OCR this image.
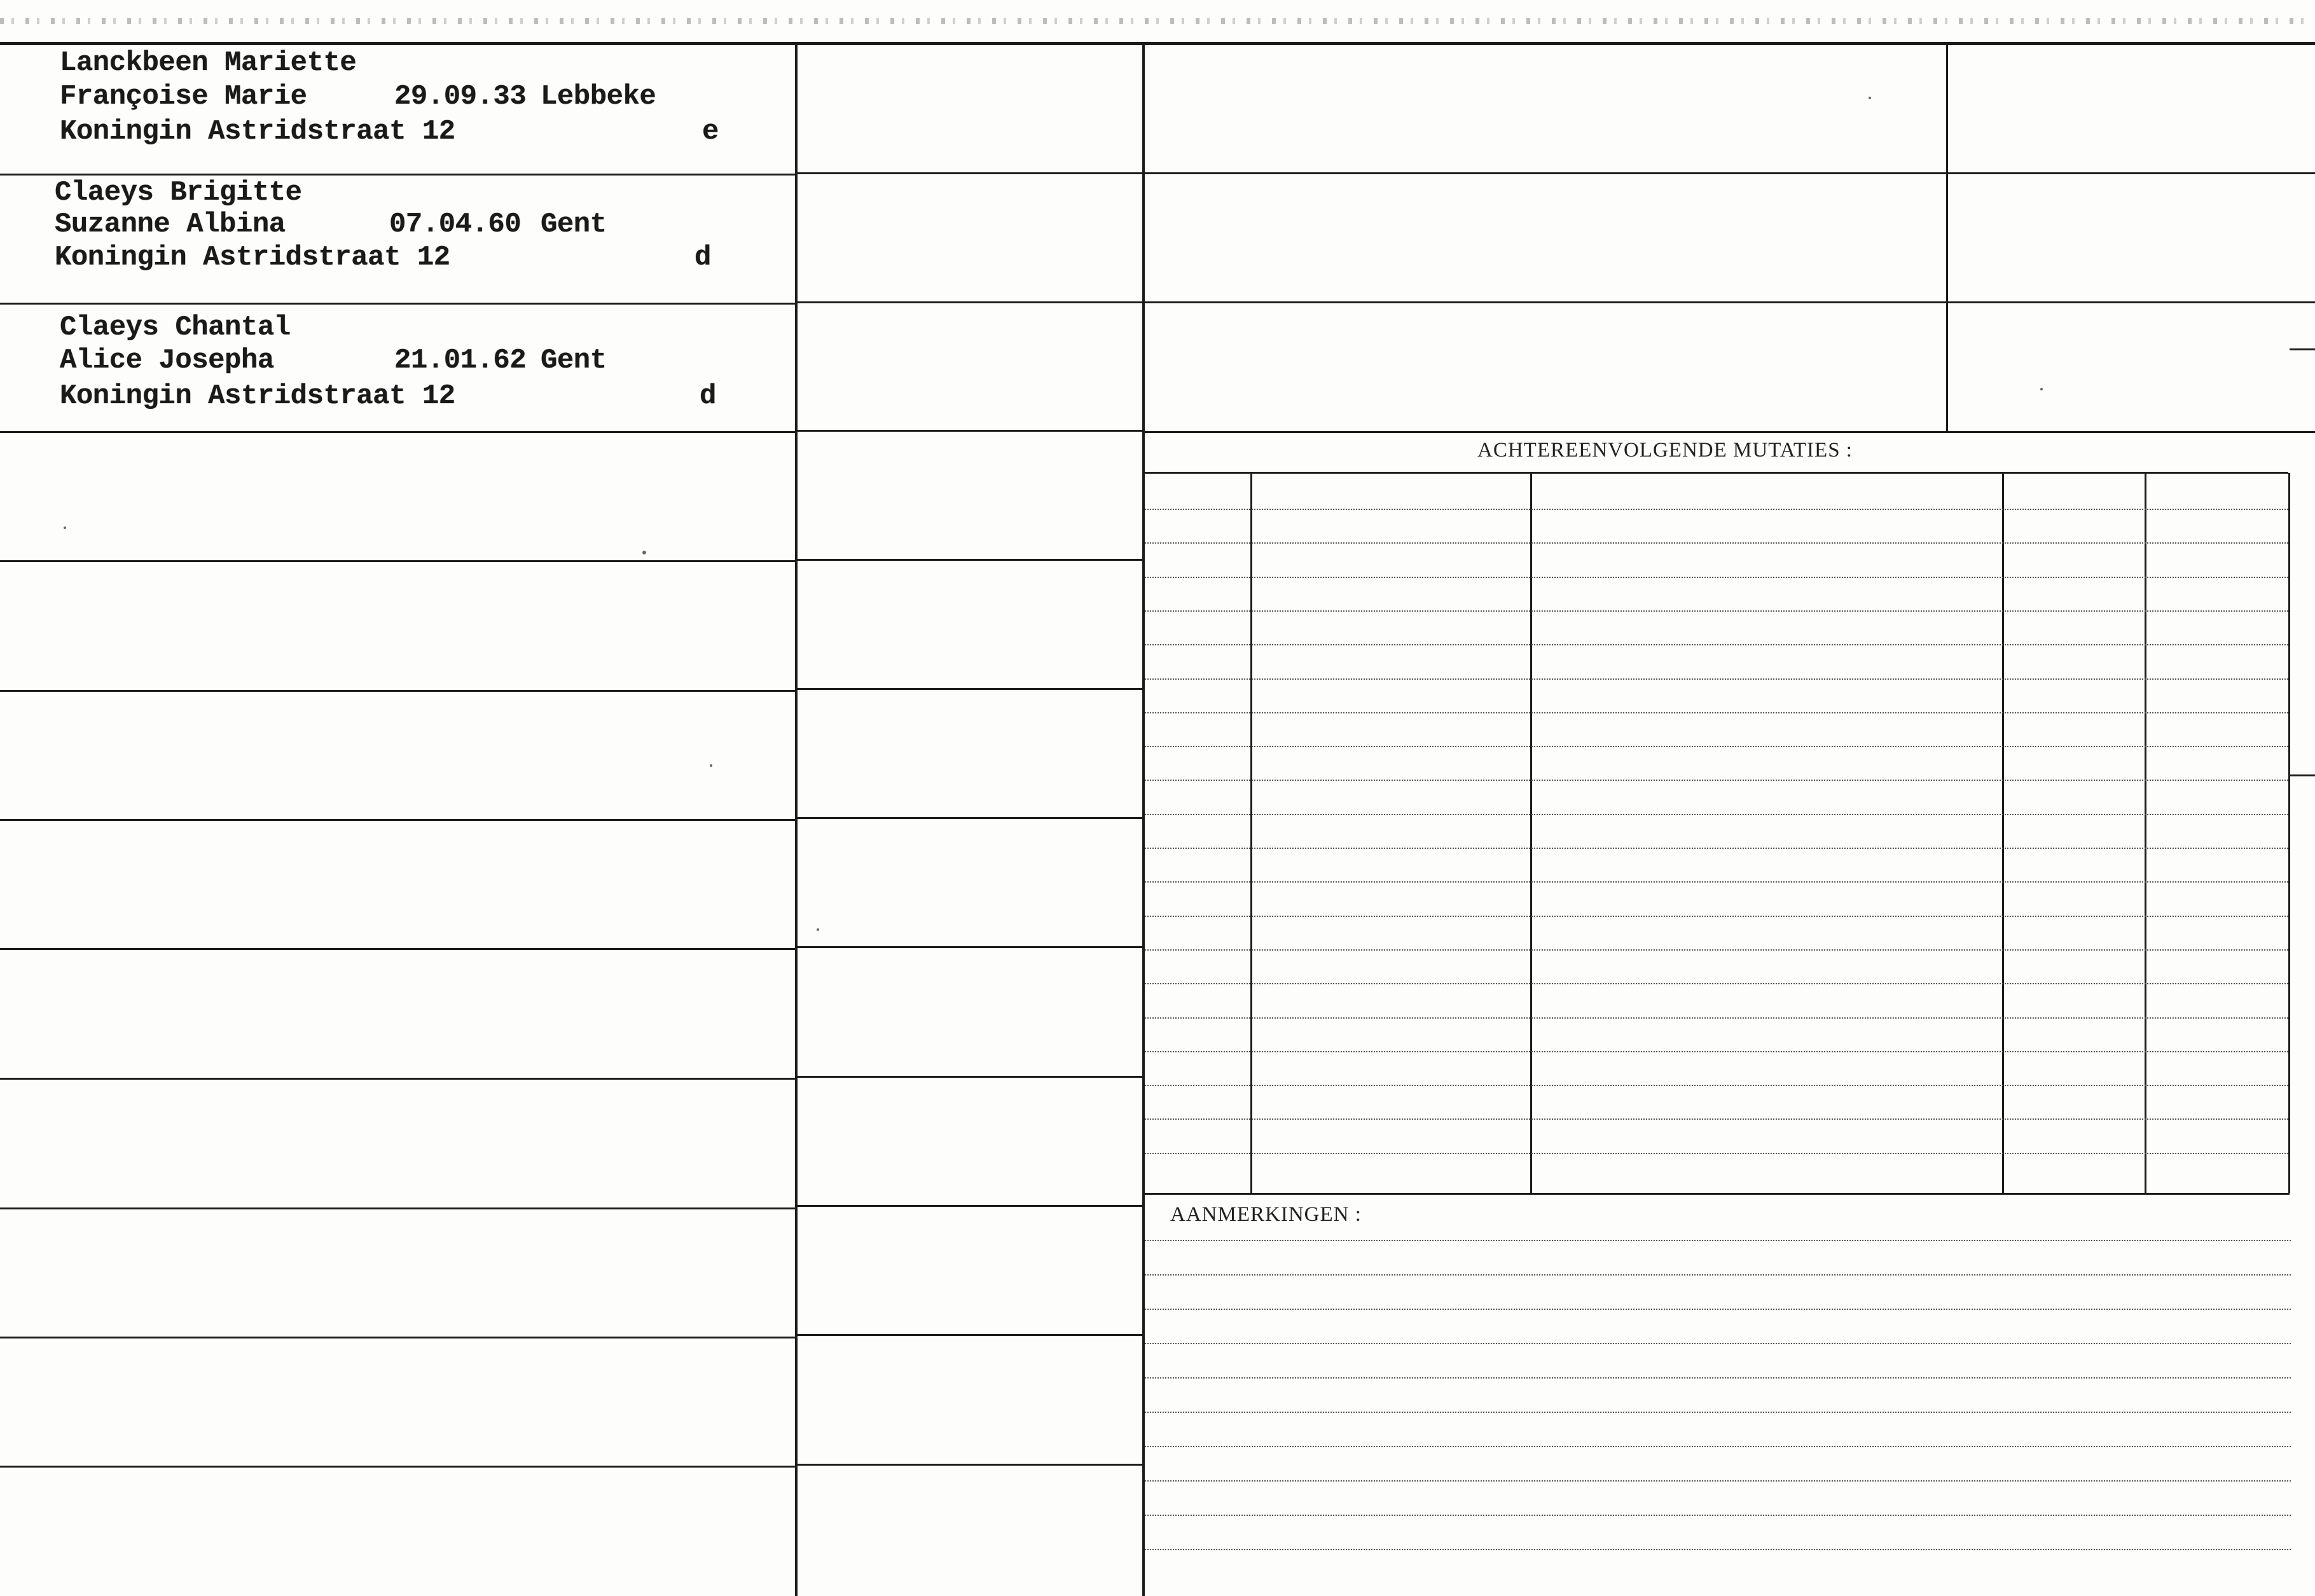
Lanckbeen Mariette
Françoise Marie	29.09.33 Lebbeke
Koningin Astridstraat 12	e
Claeys Brigitte
Suzanne Albina	07.04.60 Gent
Koningin Astridstraat 12	d
Claeys Chantal
Alice Josepha	21.01.62 Gent
Koningin Astridstraat 12	d
ACHTEREENVOLGENDE MUTATIES :
AANMERKINGEN :
